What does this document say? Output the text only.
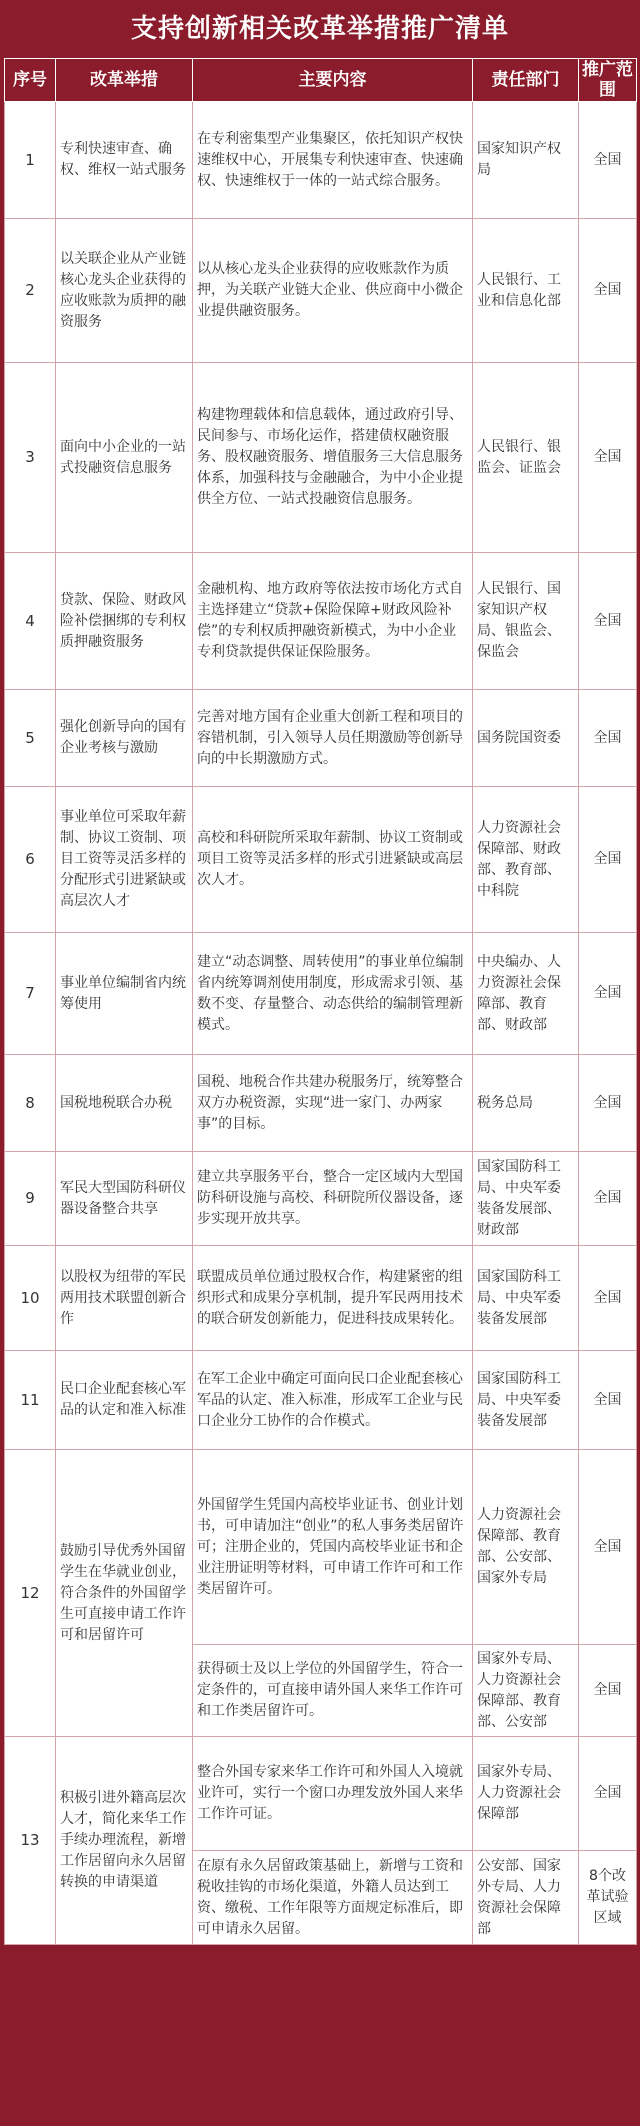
支持创新相关改革举措推广清单
序号	改革举措	主要内容	责任部门	推广范围
1	专利快速审查、确权、维权一站式服务	在专利密集型产业集聚区，依托知识产权快速维权中心，开展集专利快速审查、快速确权、快速维权于一体的一站式综合服务。	国家知识产权局	全国
2	以关联企业从产业链核心龙头企业获得的应收账款为质押的融资服务	以从核心龙头企业获得的应收账款作为质押，为关联产业链大企业、供应商中小微企业提供融资服务。	人民银行、工业和信息化部	全国
3	面向中小企业的一站式投融资信息服务	构建物理载体和信息载体，通过政府引导、民间参与、市场化运作，搭建债权融资服务、股权融资服务、增值服务三大信息服务体系，加强科技与金融融合，为中小企业提供全方位、一站式投融资信息服务。	人民银行、银监会、证监会	全国
4	贷款、保险、财政风险补偿捆绑的专利权质押融资服务	金融机构、地方政府等依法按市场化方式自主选择建立“贷款+保险保障+财政风险补偿”的专利权质押融资新模式，为中小企业专利贷款提供保证保险服务。	人民银行、国家知识产权局、银监会、保监会	全国
5	强化创新导向的国有企业考核与激励	完善对地方国有企业重大创新工程和项目的容错机制，引入领导人员任期激励等创新导向的中长期激励方式。	国务院国资委	全国
6	事业单位可采取年薪制、协议工资制、项目工资等灵活多样的分配形式引进紧缺或高层次人才	高校和科研院所采取年薪制、协议工资制或项目工资等灵活多样的形式引进紧缺或高层次人才。	人力资源社会保障部、财政部、教育部、中科院	全国
7	事业单位编制省内统筹使用	建立“动态调整、周转使用”的事业单位编制省内统筹调剂使用制度，形成需求引领、基数不变、存量整合、动态供给的编制管理新模式。	中央编办、人力资源社会保障部、教育部、财政部	全国
8	国税地税联合办税	国税、地税合作共建办税服务厅，统筹整合双方办税资源，实现“进一家门、办两家事”的目标。	税务总局	全国
9	军民大型国防科研仪器设备整合共享	建立共享服务平台，整合一定区域内大型国防科研设施与高校、科研院所仪器设备，逐步实现开放共享。	国家国防科工局、中央军委装备发展部、财政部	全国
10	以股权为纽带的军民两用技术联盟创新合作	联盟成员单位通过股权合作，构建紧密的组织形式和成果分享机制，提升军民两用技术的联合研发创新能力，促进科技成果转化。	国家国防科工局、中央军委装备发展部	全国
11	民口企业配套核心军品的认定和准入标准	在军工企业中确定可面向民口企业配套核心军品的认定、准入标准，形成军工企业与民口企业分工协作的合作模式。	国家国防科工局、中央军委装备发展部	全国
12	鼓励引导优秀外国留学生在华就业创业，符合条件的外国留学生可直接申请工作许可和居留许可	外国留学生凭国内高校毕业证书、创业计划书，可申请加注“创业”的私人事务类居留许可；注册企业的，凭国内高校毕业证书和企业注册证明等材料，可申请工作许可和工作类居留许可。	人力资源社会保障部、教育部、公安部、国家外专局	全国
		获得硕士及以上学位的外国留学生，符合一定条件的，可直接申请外国人来华工作许可和工作类居留许可。	国家外专局、人力资源社会保障部、教育部、公安部	全国
13	积极引进外籍高层次人才，简化来华工作手续办理流程，新增工作居留向永久居留转换的申请渠道	整合外国专家来华工作许可和外国人入境就业许可，实行一个窗口办理发放外国人来华工作许可证。	国家外专局、人力资源社会保障部	全国
		在原有永久居留政策基础上，新增与工资和税收挂钩的市场化渠道，外籍人员达到工资、缴税、工作年限等方面规定标准后，即可申请永久居留。	公安部、国家外专局、人力资源社会保障部	8个改革试验区域
